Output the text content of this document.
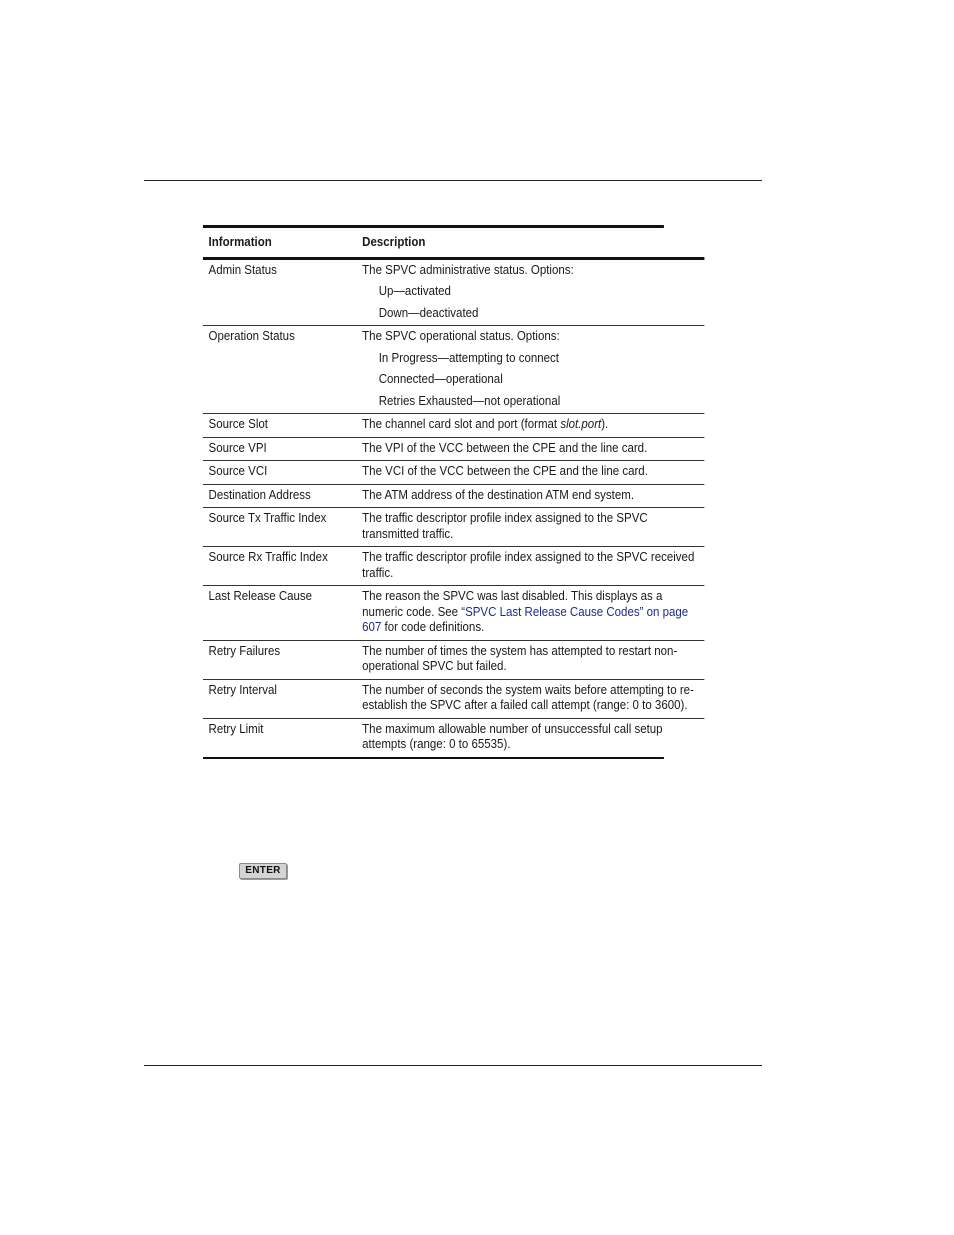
Information	Description
Admin Status	The SPVC administrative status. Options:
Up—activated
Down—deactivated
Operation Status	The SPVC operational status. Options:
In Progress—attempting to connect
Connected—operational
Retries Exhausted—not operational
Source Slot	The channel card slot and port (format slot.port).
Source VPI	The VPI of the VCC between the CPE and the line card.
Source VCI	The VCI of the VCC between the CPE and the line card.
Destination Address	The ATM address of the destination ATM end system.
Source Tx Traffic Index	The traffic descriptor profile index assigned to the SPVC transmitted traffic.
Source Rx Traffic Index	The traffic descriptor profile index assigned to the SPVC received traffic.
Last Release Cause	The reason the SPVC was last disabled. This displays as a numeric code. See “SPVC Last Release Cause Codes” on page 607 for code definitions.
Retry Failures	The number of times the system has attempted to restart non-operational SPVC but failed.
Retry Interval	The number of seconds the system waits before attempting to re-establish the SPVC after a failed call attempt (range: 0 to 3600).
Retry Limit	The maximum allowable number of unsuccessful call setup attempts (range: 0 to 65535).
ENTER
